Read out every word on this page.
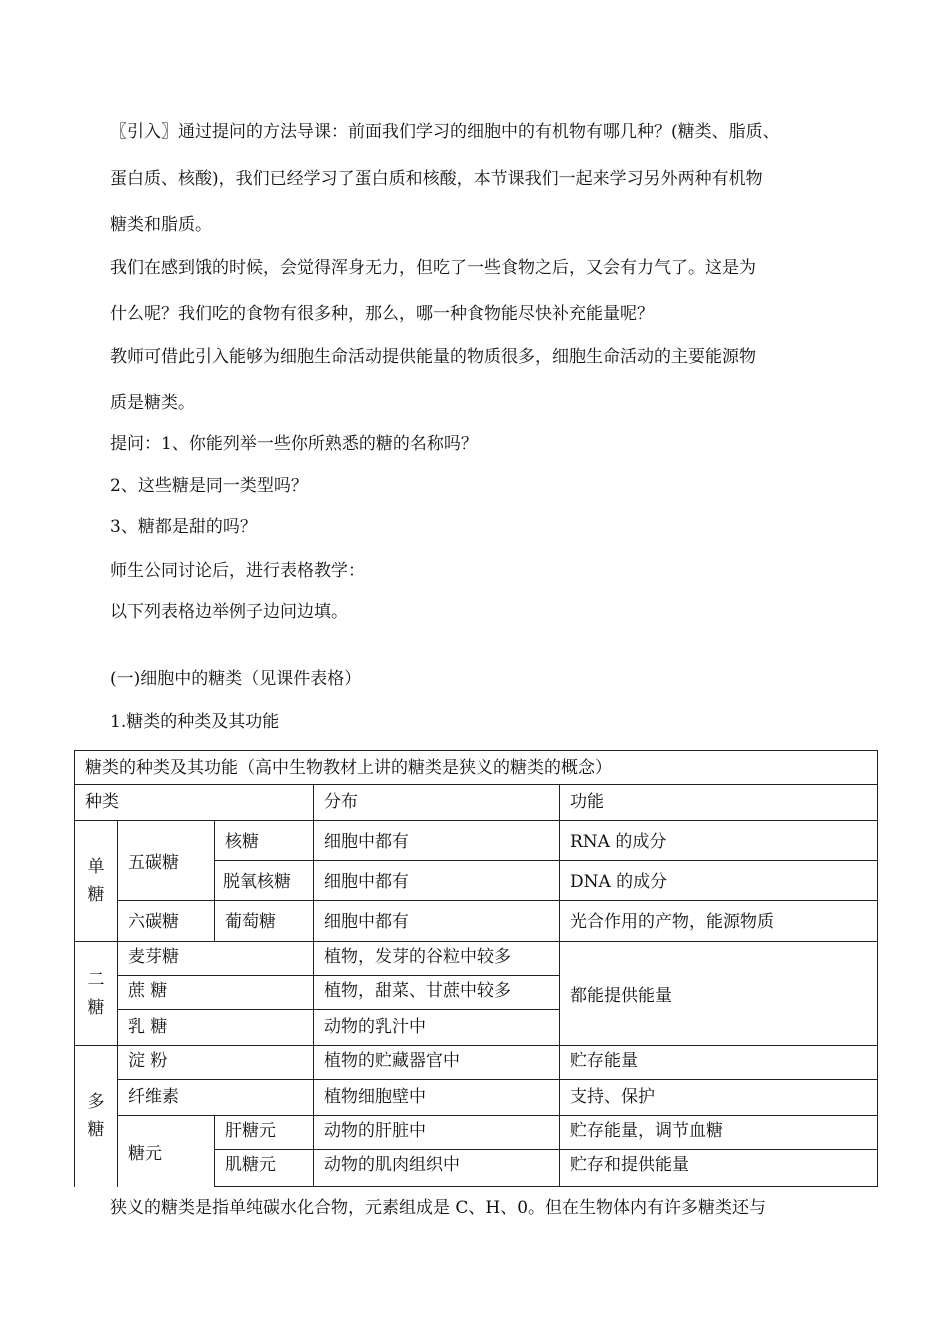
〖引入〗通过提问的方法导课：前面我们学习的细胞中的有机物有哪几种？(糖类、脂质、
蛋白质、核酸)，我们已经学习了蛋白质和核酸，本节课我们一起来学习另外两种有机物
糖类和脂质。
我们在感到饿的时候，会觉得浑身无力，但吃了一些食物之后，又会有力气了。这是为
什么呢？我们吃的食物有很多种，那么，哪一种食物能尽快补充能量呢？
教师可借此引入能够为细胞生命活动提供能量的物质很多，细胞生命活动的主要能源物
质是糖类。
提问：1、你能列举一些你所熟悉的糖的名称吗？
2、这些糖是同一类型吗？
3、糖都是甜的吗？
师生公同讨论后，进行表格教学：
以下列表格边举例子边问边填。
(一)细胞中的糖类（见课件表格）
1.糖类的种类及其功能
糖类的种类及其功能（高中生物教材上讲的糖类是狭义的糖类的概念）				
种类			分布	功能
单糖	五碳糖	核糖	细胞中都有	RNA 的成分
		脱氧核糖	细胞中都有	DNA 的成分
	六碳糖	葡萄糖	细胞中都有	光合作用的产物，能源物质
二糖	麦芽糖		植物，发芽的谷粒中较多	都能提供能量
	蔗 糖		植物，甜菜、甘蔗中较多	
	乳 糖		动物的乳汁中	
多糖	淀 粉		植物的贮藏器官中	贮存能量
	纤维素		植物细胞壁中	支持、保护
	糖元	肝糖元	动物的肝脏中	贮存能量，调节血糖
		肌糖元	动物的肌肉组织中	贮存和提供能量
狭义的糖类是指单纯碳水化合物，元素组成是 C、H、0。但在生物体内有许多糖类还与
